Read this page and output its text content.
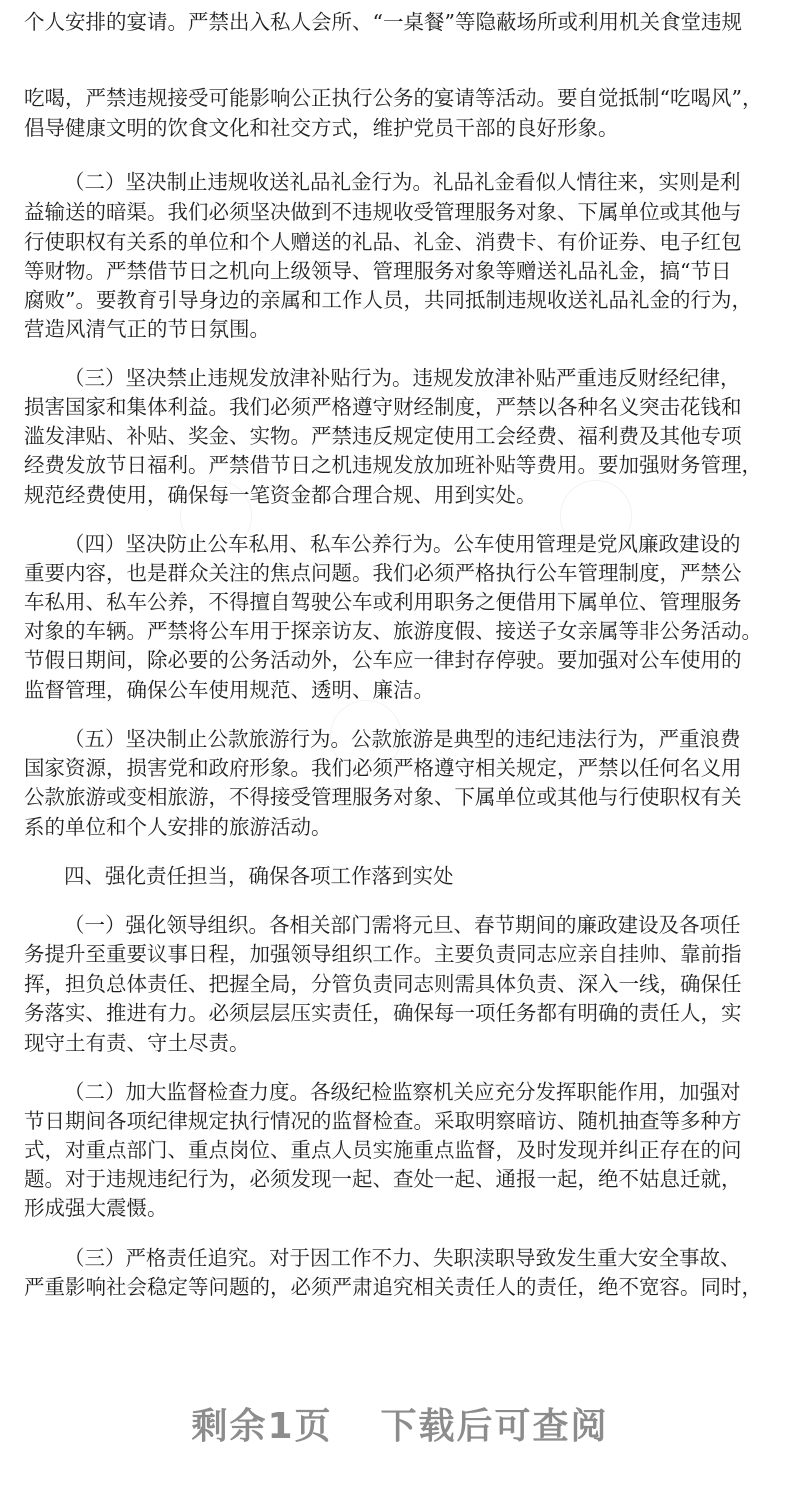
个人安排的宴请。严禁出入私人会所、“一桌餐”等隐蔽场所或利用机关食堂违规

吃喝，严禁违规接受可能影响公正执行公务的宴请等活动。要自觉抵制“吃喝风”，

倡导健康文明的饮食文化和社交方式，维护党员干部的良好形象。

（二）坚决制止违规收送礼品礼金行为。礼品礼金看似人情往来，实则是利

益输送的暗渠。我们必须坚决做到不违规收受管理服务对象、下属单位或其他与

行使职权有关系的单位和个人赠送的礼品、礼金、消费卡、有价证券、电子红包

等财物。严禁借节日之机向上级领导、管理服务对象等赠送礼品礼金，搞“节日

腐败”。要教育引导身边的亲属和工作人员，共同抵制违规收送礼品礼金的行为，

营造风清气正的节日氛围。

（三）坚决禁止违规发放津补贴行为。违规发放津补贴严重违反财经纪律，

损害国家和集体利益。我们必须严格遵守财经制度，严禁以各种名义突击花钱和

滥发津贴、补贴、奖金、实物。严禁违反规定使用工会经费、福利费及其他专项

经费发放节日福利。严禁借节日之机违规发放加班补贴等费用。要加强财务管理，

规范经费使用，确保每一笔资金都合理合规、用到实处。

（四）坚决防止公车私用、私车公养行为。公车使用管理是党风廉政建设的

重要内容，也是群众关注的焦点问题。我们必须严格执行公车管理制度，严禁公

车私用、私车公养，不得擅自驾驶公车或利用职务之便借用下属单位、管理服务

对象的车辆。严禁将公车用于探亲访友、旅游度假、接送子女亲属等非公务活动。

节假日期间，除必要的公务活动外，公车应一律封存停驶。要加强对公车使用的

监督管理，确保公车使用规范、透明、廉洁。

（五）坚决制止公款旅游行为。公款旅游是典型的违纪违法行为，严重浪费

国家资源，损害党和政府形象。我们必须严格遵守相关规定，严禁以任何名义用

公款旅游或变相旅游，不得接受管理服务对象、下属单位或其他与行使职权有关

系的单位和个人安排的旅游活动。

四、强化责任担当，确保各项工作落到实处

（一）强化领导组织。各相关部门需将元旦、春节期间的廉政建设及各项任

务提升至重要议事日程，加强领导组织工作。主要负责同志应亲自挂帅、靠前指

挥，担负总体责任、把握全局，分管负责同志则需具体负责、深入一线，确保任

务落实、推进有力。必须层层压实责任，确保每一项任务都有明确的责任人，实

现守土有责、守土尽责。

（二）加大监督检查力度。各级纪检监察机关应充分发挥职能作用，加强对

节日期间各项纪律规定执行情况的监督检查。采取明察暗访、随机抽查等多种方

式，对重点部门、重点岗位、重点人员实施重点监督，及时发现并纠正存在的问

题。对于违规违纪行为，必须发现一起、查处一起、通报一起，绝不姑息迁就，

形成强大震慑。

（三）严格责任追究。对于因工作不力、失职渎职导致发生重大安全事故、

严重影响社会稳定等问题的，必须严肃追究相关责任人的责任，绝不宽容。同时，

剩余1页 下载后可查阅
